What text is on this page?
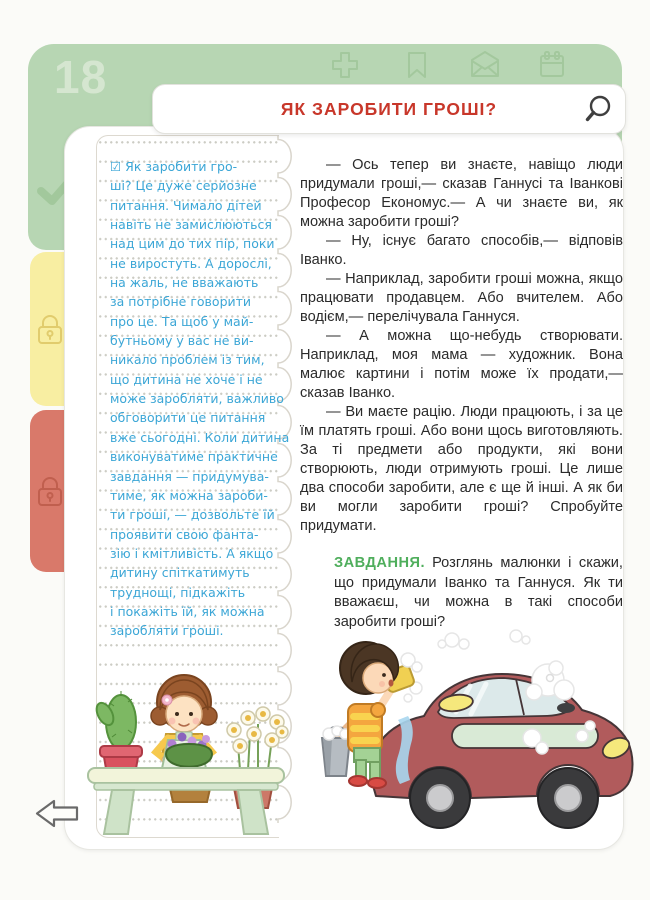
18
ЯК ЗАРОБИТИ ГРОШІ?
☑ Як заробити гро-
ші? Це дуже серйозне
питання. Чимало дітей
навіть не замислюються
над цим до тих пір, поки
не виростуть. А дорослі,
на жаль, не вважають
за потрібне говорити
про це. Та щоб у май-
бутньому у вас не ви-
никало проблем із тим,
що дитина не хоче і не
може заробляти, важливо
обговорити це питання
вже сьогодні. Коли дитина
виконуватиме практичне
завдання — придумува-
тиме, як можна зароби-
ти гроші, — дозвольте їй
проявити свою фанта-
зію і кмітливість. А якщо
дитину спіткатимуть
труднощі, підкажіть
і покажіть їй, як можна
заробляти гроші.

— Ось тепер ви знаєте, навіщо люди придумали гроші,— сказав Ганнусі та Іванкові Професор Економус.— А чи знаєте ви, як можна заробити гроші?

— Ну, існує багато способів,— відповів Іванко.

— Наприклад, заробити гроші можна, якщо працювати продавцем. Або вчителем. Або водієм,— перелічувала Ганнуся.

— А можна що-небудь створювати. Наприклад, моя мама — художник. Вона малює картини і потім може їх продати,— сказав Іванко.

— Ви маєте рацію. Люди працюють, і за це їм платять гроші. Або вони щось виготовляють. За ті предмети або продукти, які вони створюють, люди отримують гроші. Це лише два способи заробити, але є ще й інші. А як би ви могли заробити гроші? Спробуйте придумати.

ЗАВДАННЯ. Розглянь малюнки і скажи, що придумали Іванко та Ганнуся. Як ти вважаєш, чи можна в такі способи заробити гроші?
